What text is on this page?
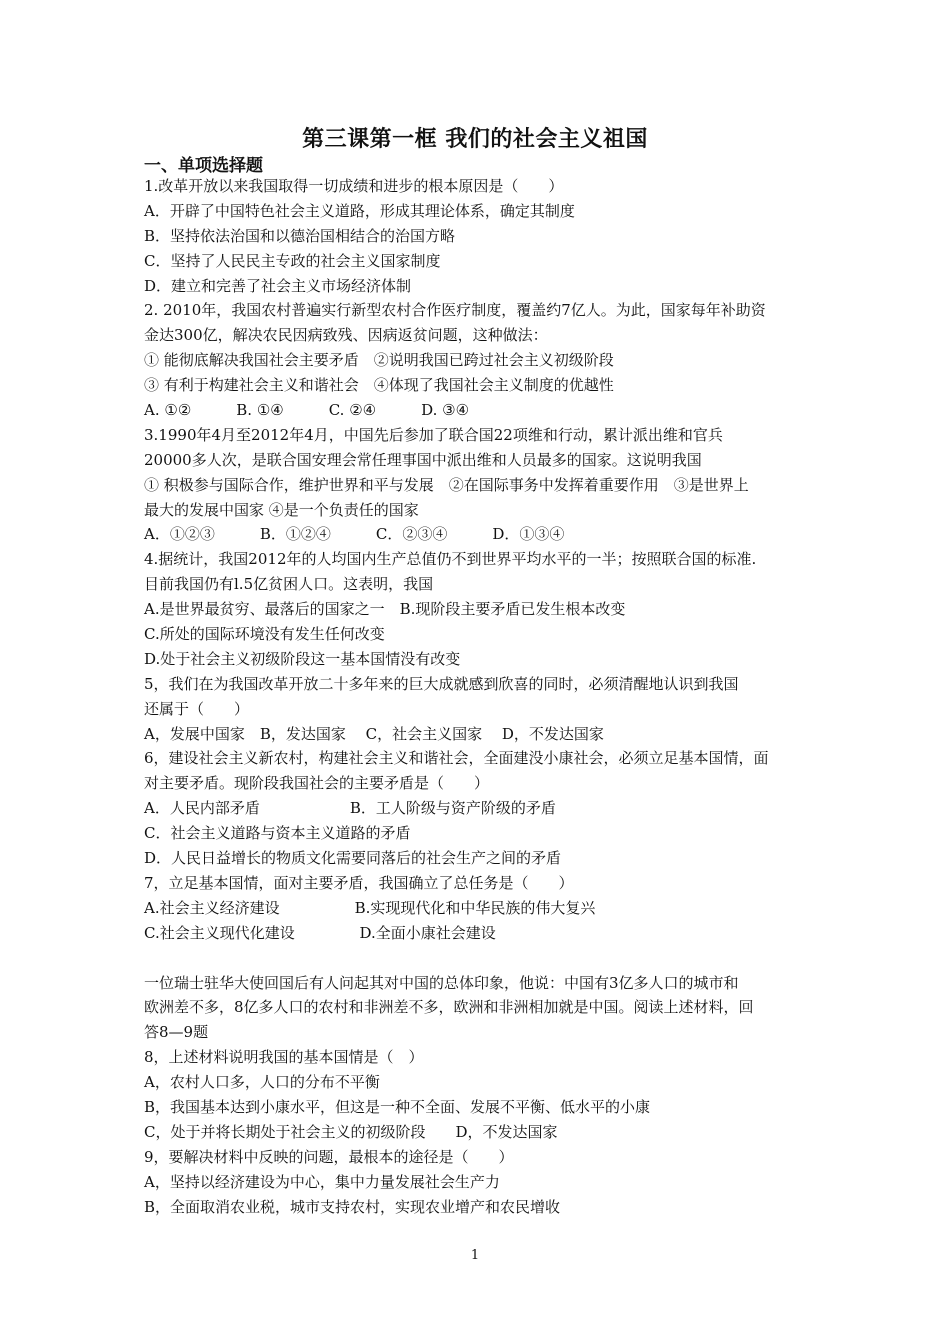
第三课第一框 我们的社会主义祖国
一、单项选择题
1.改革开放以来我国取得一切成绩和进步的根本原因是（　　）
A．开辟了中国特色社会主义道路，形成其理论体系，确定其制度
B．坚持依法治国和以德治国相结合的治国方略
C．坚持了人民民主专政的社会主义国家制度
D．建立和完善了社会主义市场经济体制
2. 2010年，我国农村普遍实行新型农村合作医疗制度，覆盖约7亿人。为此，国家每年补助资
金达300亿，解决农民因病致残、因病返贫问题，这种做法：
① 能彻底解决我国社会主要矛盾　②说明我国已跨过社会主义初级阶段
③ 有利于构建社会主义和谐社会　④体现了我国社会主义制度的优越性
A. ①②　　　B. ①④　　　C. ②④　　　D. ③④
3.1990年4月至2012年4月，中国先后参加了联合国22项维和行动，累计派出维和官兵
20000多人次，是联合国安理会常任理事国中派出维和人员最多的国家。这说明我国
① 积极参与国际合作，维护世界和平与发展　②在国际事务中发挥着重要作用　③是世界上
最大的发展中国家 ④是一个负责任的国家
A．①②③　　　B．①②④　　　C．②③④　　　D．①③④
4.据统计，我国2012年的人均国内生产总值仍不到世界平均水平的一半；按照联合国的标准.
目前我国仍有l.5亿贫困人口。这表明，我国
A.是世界最贫穷、最落后的国家之一　B.现阶段主要矛盾已发生根本改变
C.所处的国际环境没有发生任何改变
D.处于社会主义初级阶段这一基本国情没有改变
5，我们在为我国改革开放二十多年来的巨大成就感到欣喜的同时，必须清醒地认识到我国
还属于（　　）
A，发展中国家　B，发达国家　 C，社会主义国家　 D，不发达国家
6，建设社会主义新农村，构建社会主义和谐社会，全面建没小康社会，必须立足基本国情，面
对主要矛盾。现阶段我国社会的主要矛盾是（　　）
A．人民内部矛盾　　　　　　B．工人阶级与资产阶级的矛盾
C．社会主义道路与资本主义道路的矛盾
D．人民日益增长的物质文化需要同落后的社会生产之间的矛盾
7，立足基本国情，面对主要矛盾，我国确立了总任务是（　　）
A.社会主义经济建设　　　　　B.实现现代化和中华民族的伟大复兴
C.社会主义现代化建设　　　　 D.全面小康社会建设
一位瑞士驻华大使回国后有人问起其对中国的总体印象，他说：中国有3亿多人口的城市和
欧洲差不多，8亿多人口的农村和非洲差不多，欧洲和非洲相加就是中国。阅读上述材料，回
答8—9题
8，上述材料说明我国的基本国情是（　）
A，农村人口多，人口的分布不平衡
B，我国基本达到小康水平，但这是一种不全面、发展不平衡、低水平的小康
C，处于并将长期处于社会主义的初级阶段　　D，不发达国家
9，要解决材料中反映的问题，最根本的途径是（　　）
A，坚持以经济建设为中心，集中力量发展社会生产力
B，全面取消农业税，城市支持农村，实现农业增产和农民增收
1
